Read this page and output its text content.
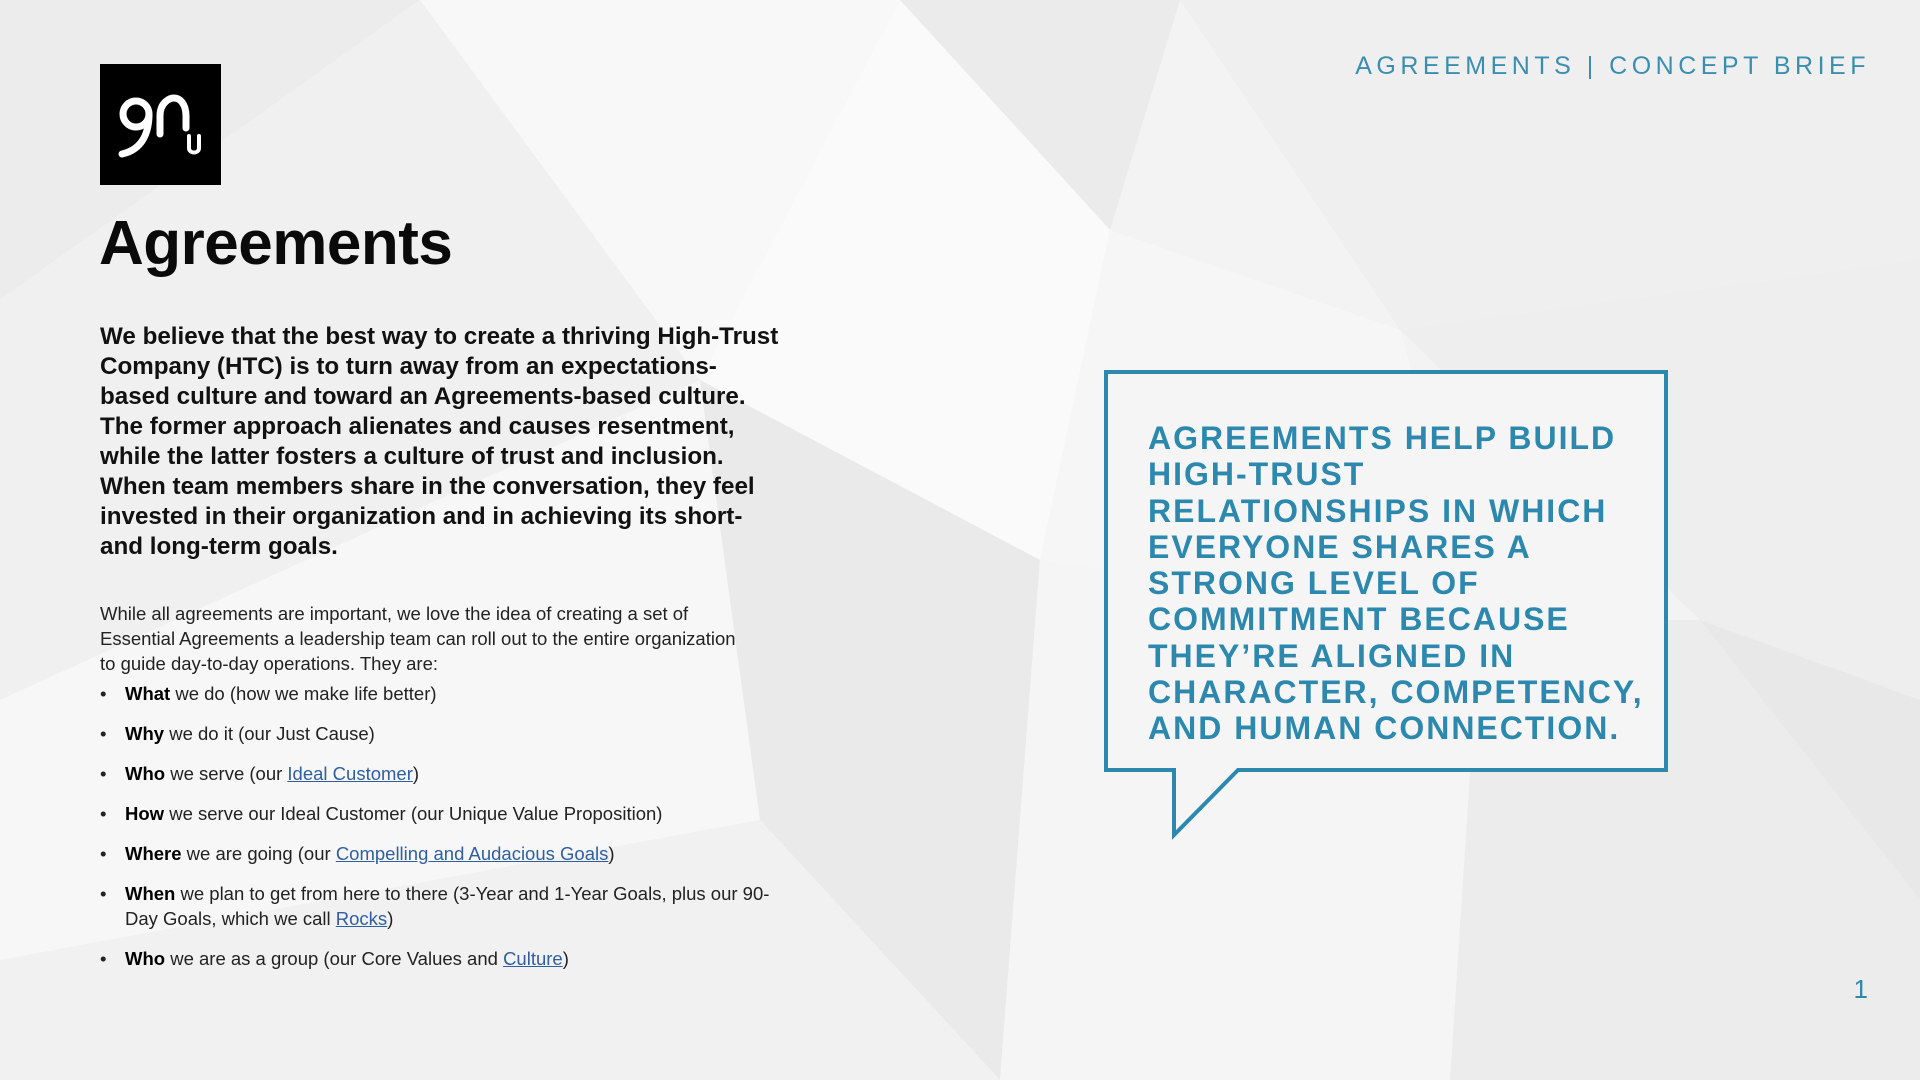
AGREEMENTS | CONCEPT BRIEF
Agreements

We believe that the best way to create a thriving High-Trust Company (HTC) is to turn away from an expectations-based culture and toward an Agreements-based culture. The former approach alienates and causes resentment, while the latter fosters a culture of trust and inclusion. When team members share in the conversation, they feel invested in their organization and in achieving its short- and long-term goals.

While all agreements are important, we love the idea of creating a set of Essential Agreements a leadership team can roll out to the entire organization to guide day-to-day operations. They are:

• What we do (how we make life better)
• Why we do it (our Just Cause)
• Who we serve (our Ideal Customer)
• How we serve our Ideal Customer (our Unique Value Proposition)
• Where we are going (our Compelling and Audacious Goals)
• When we plan to get from here to there (3-Year and 1-Year Goals, plus our 90-Day Goals, which we call Rocks)
• Who we are as a group (our Core Values and Culture)
AGREEMENTS HELP BUILD HIGH-TRUST RELATIONSHIPS IN WHICH EVERYONE SHARES A STRONG LEVEL OF COMMITMENT BECAUSE THEY’RE ALIGNED IN CHARACTER, COMPETENCY, AND HUMAN CONNECTION.
1
